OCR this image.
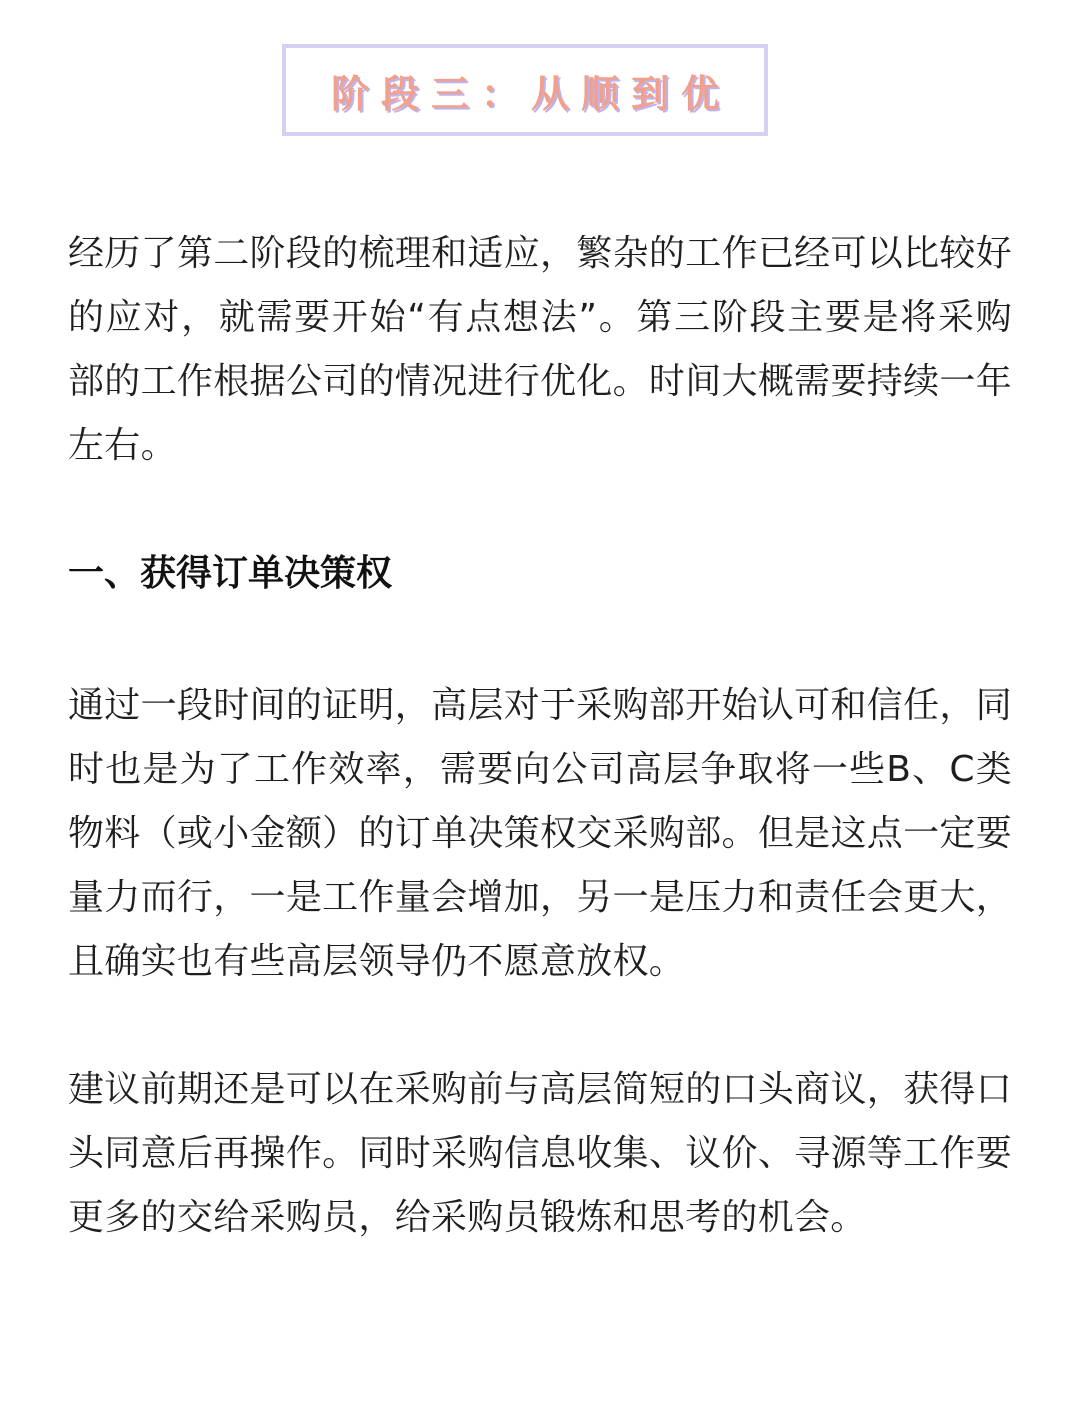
阶段三：从顺到优

经历了第二阶段的梳理和适应，繁杂的工作已经可以比较好的应对，就需要开始“有点想法”。第三阶段主要是将采购部的工作根据公司的情况进行优化。时间大概需要持续一年左右。

一、获得订单决策权

通过一段时间的证明，高层对于采购部开始认可和信任，同时也是为了工作效率，需要向公司高层争取将一些B、C类物料（或小金额）的订单决策权交采购部。但是这点一定要量力而行，一是工作量会增加，另一是压力和责任会更大，且确实也有些高层领导仍不愿意放权。

建议前期还是可以在采购前与高层简短的口头商议，获得口头同意后再操作。同时采购信息收集、议价、寻源等工作要更多的交给采购员，给采购员锻炼和思考的机会。
